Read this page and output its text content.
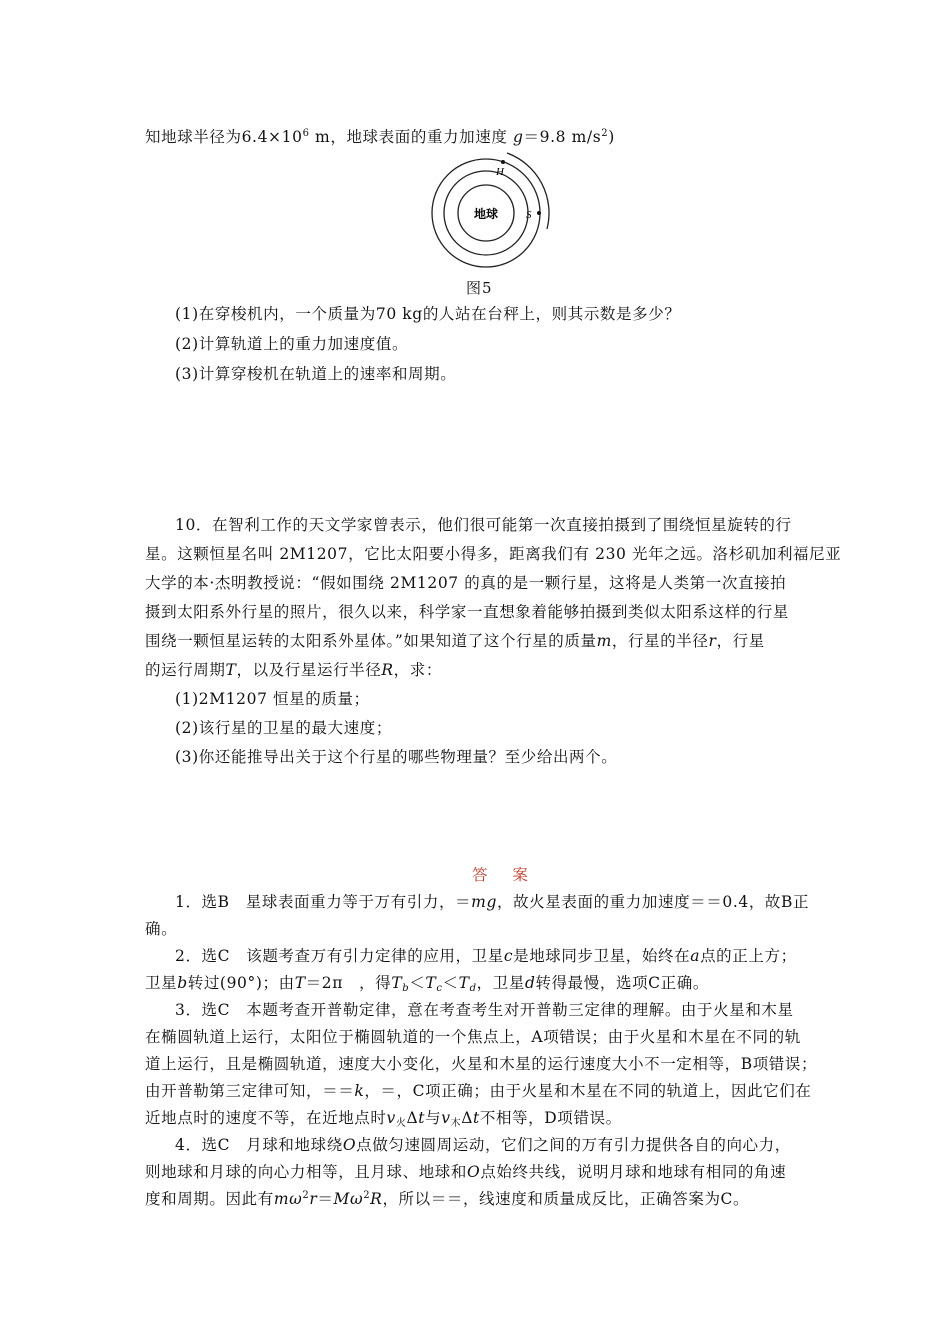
知地球半径为$6.4\times 10^6$ m，地球表面的重力加速度 g＝9.8 $m/s^2$)
地球
H
S
图5
(1)在穿梭机内，一个质量为70 kg的人站在台秤上，则其示数是多少？
(2)计算轨道上的重力加速度值。
(3)计算穿梭机在轨道上的速率和周期。
10．在智利工作的天文学家曾表示，他们很可能第一次直接拍摄到了围绕恒星旋转的行
星。这颗恒星名叫 2M1207，它比太阳要小得多，距离我们有 230 光年之远。洛杉矶加利福尼亚
大学的本·杰明教授说：“假如围绕 2M1207 的真的是一颗行星，这将是人类第一次直接拍
摄到太阳系外行星的照片，很久以来，科学家一直想象着能够拍摄到类似太阳系这样的行星
围绕一颗恒星运转的太阳系外星体。”如果知道了这个行星的质量m，行星的半径r，行星
的运行周期T，以及行星运行半径R，求：
(1)2M1207 恒星的质量；
(2)该行星的卫星的最大速度；
(3)你还能推导出关于这个行星的哪些物理量？至少给出两个。
答 案
1．选B　星球表面重力等于万有引力，＝mg，故火星表面的重力加速度＝＝0.4，故B正
确。
2．选C　该题考查万有引力定律的应用，卫星c是地球同步卫星，始终在a点的正上方；
卫星b转过(90°)；由T＝2π　，得$T_b<T_c<T_d$，卫星d转得最慢，选项C正确。
3．选C　本题考查开普勒定律，意在考查考生对开普勒三定律的理解。由于火星和木星
在椭圆轨道上运行，太阳位于椭圆轨道的一个焦点上，A项错误；由于火星和木星在不同的轨
道上运行，且是椭圆轨道，速度大小变化，火星和木星的运行速度大小不一定相等，B项错误；
由开普勒第三定律可知，＝＝k，＝，C项正确；由于火星和木星在不同的轨道上，因此它们在
近地点时的速度不等，在近地点时$v_火\Delta t$与$v_木\Delta t$不相等，D项错误。
4．选C　月球和地球绕O点做匀速圆周运动，它们之间的万有引力提供各自的向心力，
则地球和月球的向心力相等，且月球、地球和O点始终共线，说明月球和地球有相同的角速
度和周期。因此有$m\omega^2r=M\omega^2R$，所以＝＝，线速度和质量成反比，正确答案为C。
